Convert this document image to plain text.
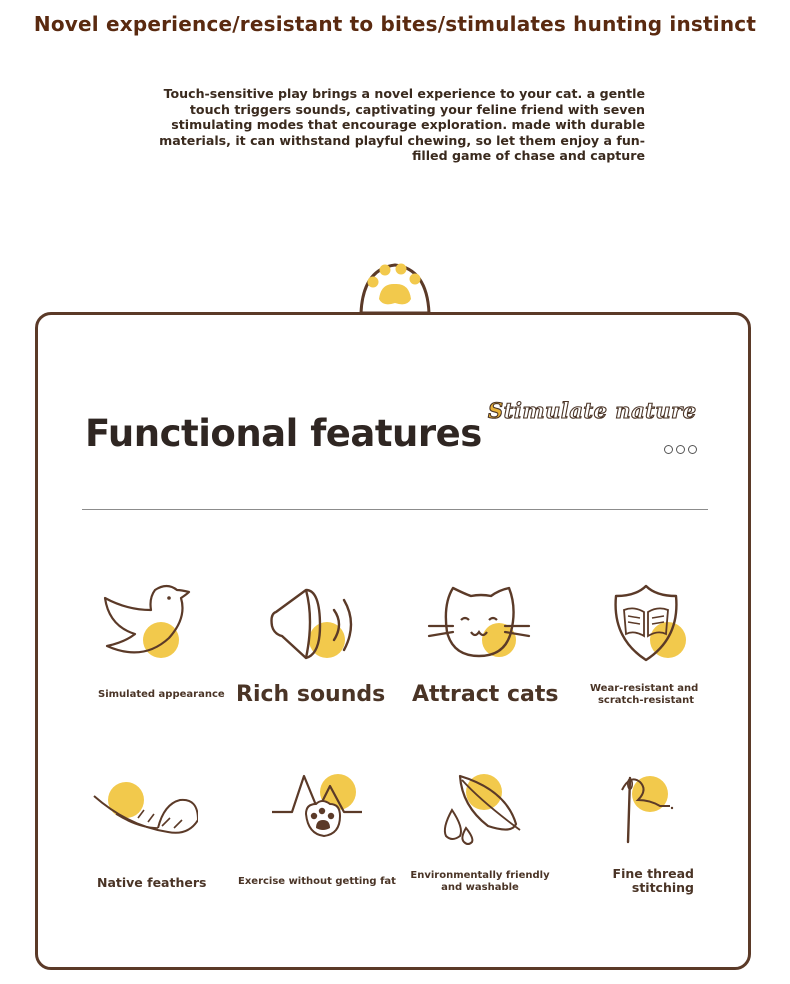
Novel experience/resistant to bites/stimulates hunting instinct
Touch-sensitive play brings a novel experience to your cat. a gentle touch triggers sounds, captivating your feline friend with seven stimulating modes that encourage exploration. made with durable materials, it can withstand playful chewing, so let them enjoy a fun-filled game of chase and capture
Functional features
Stimulate nature
Simulated appearance Rich sounds Attract cats	Wear-resistant and
scratch-resistant
Native feathers	Exercise without getting fat
Environmentally friendly
and washable
Fine thread
stitching
